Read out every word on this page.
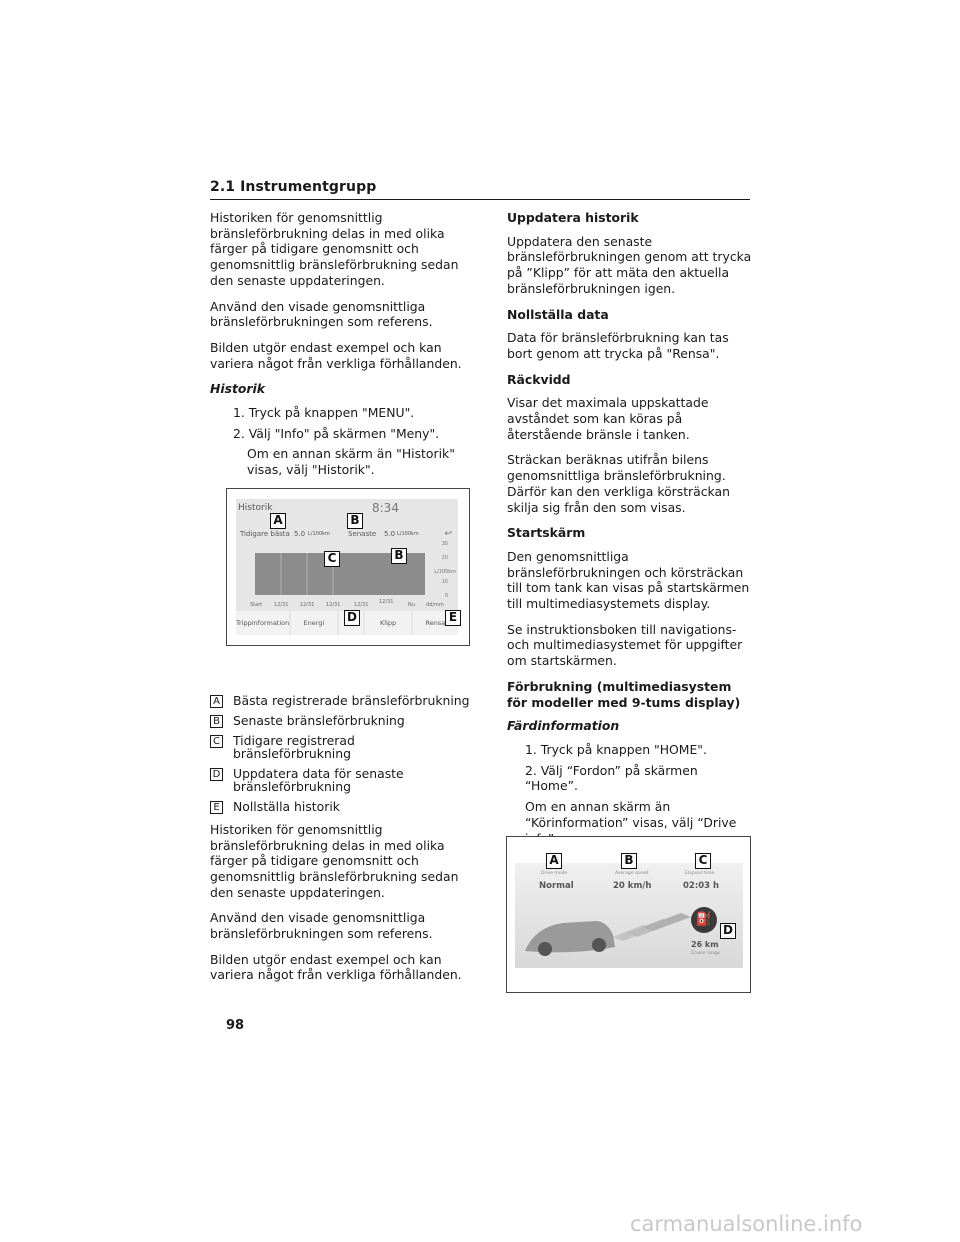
2.1 Instrumentgrupp

Historiken för genomsnittlig bränsleförbrukning delas in med olika färger på tidigare genomsnitt och genomsnittlig bränsleförbrukning sedan den senaste uppdateringen.

Använd den visade genomsnittliga bränsleförbrukningen som referens.

Bilden utgör endast exempel och kan variera något från verkliga förhållanden.

Historik
1. Tryck på knappen "MENU".
2. Välj "Info" på skärmen "Meny".
Om en annan skärm än "Historik" visas, välj "Historik".
A Bästa registrerade bränsleförbrukning
B Senaste bränsleförbrukning
C Tidigare registrerad bränsleförbrukning
D Uppdatera data för senaste bränsleförbrukning
E Nollställa historik

Historiken för genomsnittlig bränsleförbrukning delas in med olika färger på tidigare genomsnitt och genomsnittlig bränsleförbrukning sedan den senaste uppdateringen.

Använd den visade genomsnittliga bränsleförbrukningen som referens.

Bilden utgör endast exempel och kan variera något från verkliga förhållanden.

Historik	8:34
Tidigare bästa 5.0 L/100km	Senaste 5.0 L/100km	↩
30
20
L/100km
10
0
Start 12/31 12/31 12/31	12/31 12/31	Nu dd/mm
Trippinformation	Energi	Klipp	Rensa
A	B
C	B
D	E
Uppdatera historik

Uppdatera den senaste bränsleförbrukningen genom att trycka på ”Klipp” för att mäta den aktuella bränsleförbrukningen igen.

Nollställa data

Data för bränsleförbrukning kan tas bort genom att trycka på "Rensa".

Räckvidd

Visar det maximala uppskattade avståndet som kan köras på återstående bränsle i tanken.

Sträckan beräknas utifrån bilens genomsnittliga bränsleförbrukning. Därför kan den verkliga körsträckan skilja sig från den som visas.

Startskärm

Den genomsnittliga bränsleförbrukningen och körsträckan till tom tank kan visas på startskärmen till multimediasystemets display.

Se instruktionsboken till navigations- och multimediasystemet för uppgifter om startskärmen.

Förbrukning (multimediasystem för modeller med 9-tums display)
Färdinformation
1. Tryck på knappen "HOME".
2. Välj “Fordon” på skärmen “Home”.
Om en annan skärm än “Körinformation” visas, välj “Drive
Drive mode
Normal
Average speed
20 km/h
Elapsed time
02:03 h
⛽
26 km
Cruise range
A	B	C
D
98
carmanualsonline.info
